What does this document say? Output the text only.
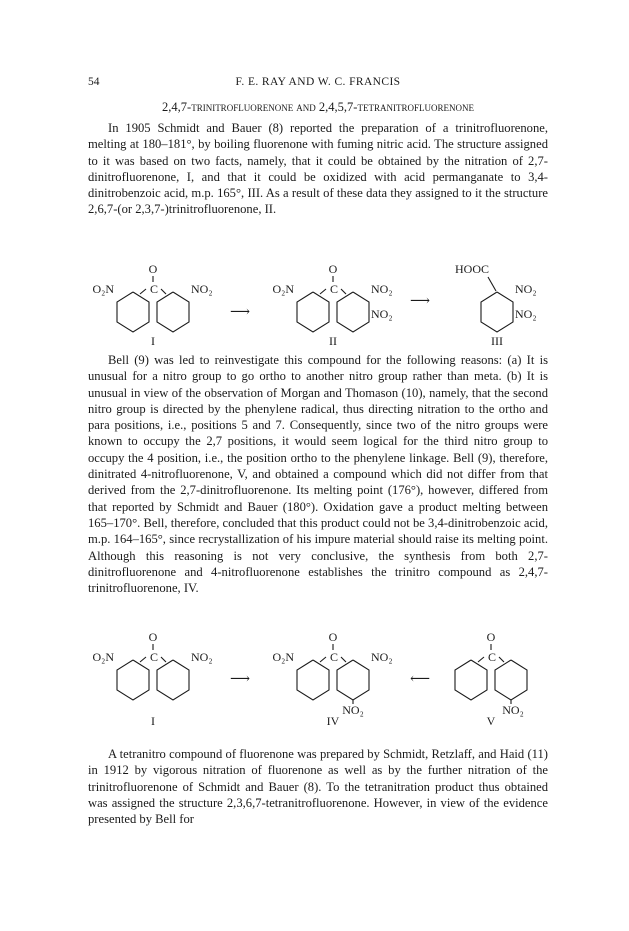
54	F. E. RAY AND W. C. FRANCIS
2,4,7-trinitrofluorenone and 2,4,5,7-tetranitrofluorenone

In 1905 Schmidt and Bauer (8) reported the preparation of a trinitrofluorenone, melting at 180–181°, by boiling fluorenone with fuming nitric acid. The structure assigned to it was based on two facts, namely, that it could be obtained by the nitration of 2,7-dinitrofluorenone, I, and that it could be oxidized with acid permanganate to 3,4-dinitrobenzoic acid, m.p. 165°, III. As a result of these data they assigned to it the structure 2,6,7-(or 2,3,7-)trinitrofluorenone, II.

O
C
O₂N	NO₂
I
⟶
O
C
O₂N	NO₂
NO₂
II
⟶
HOOC
NO₂
NO₂
III

Bell (9) was led to reinvestigate this compound for the following reasons: (a) It is unusual for a nitro group to go ortho to another nitro group rather than meta. (b) It is unusual in view of the observation of Morgan and Thomason (10), namely, that the second nitro group is directed by the phenylene radical, thus directing nitration to the ortho and para positions, i.e., positions 5 and 7. Consequently, since two of the nitro groups were known to occupy the 2,7 positions, it would seem logical for the third nitro group to occupy the 4 position, i.e., the position ortho to the phenylene linkage. Bell (9), therefore, dinitrated 4-nitrofluorenone, V, and obtained a compound which did not differ from that derived from the 2,7-dinitrofluorenone. Its melting point (176°), however, differed from that reported by Schmidt and Bauer (180°). Oxidation gave a product melting between 165–170°. Bell, therefore, concluded that this product could not be 3,4-dinitrobenzoic acid, m.p. 164–165°, since recrystallization of his impure material should raise its melting point. Although this reasoning is not very conclusive, the synthesis from both 2,7-dinitrofluorenone and 4-nitrofluorenone establishes the trinitro compound as 2,4,7-trinitrofluorenone, IV.

O
C
O₂N	NO₂
I
⟶
O
C
O₂N	NO₂
NO₂
IV
⟵
O
C
NO₂
V

A tetranitro compound of fluorenone was prepared by Schmidt, Retzlaff, and Haid (11) in 1912 by vigorous nitration of fluorenone as well as by the further nitration of the trinitrofluorenone of Schmidt and Bauer (8). To the tetranitration product thus obtained was assigned the structure 2,3,6,7-tetranitrofluorenone. However, in view of the evidence presented by Bell for
